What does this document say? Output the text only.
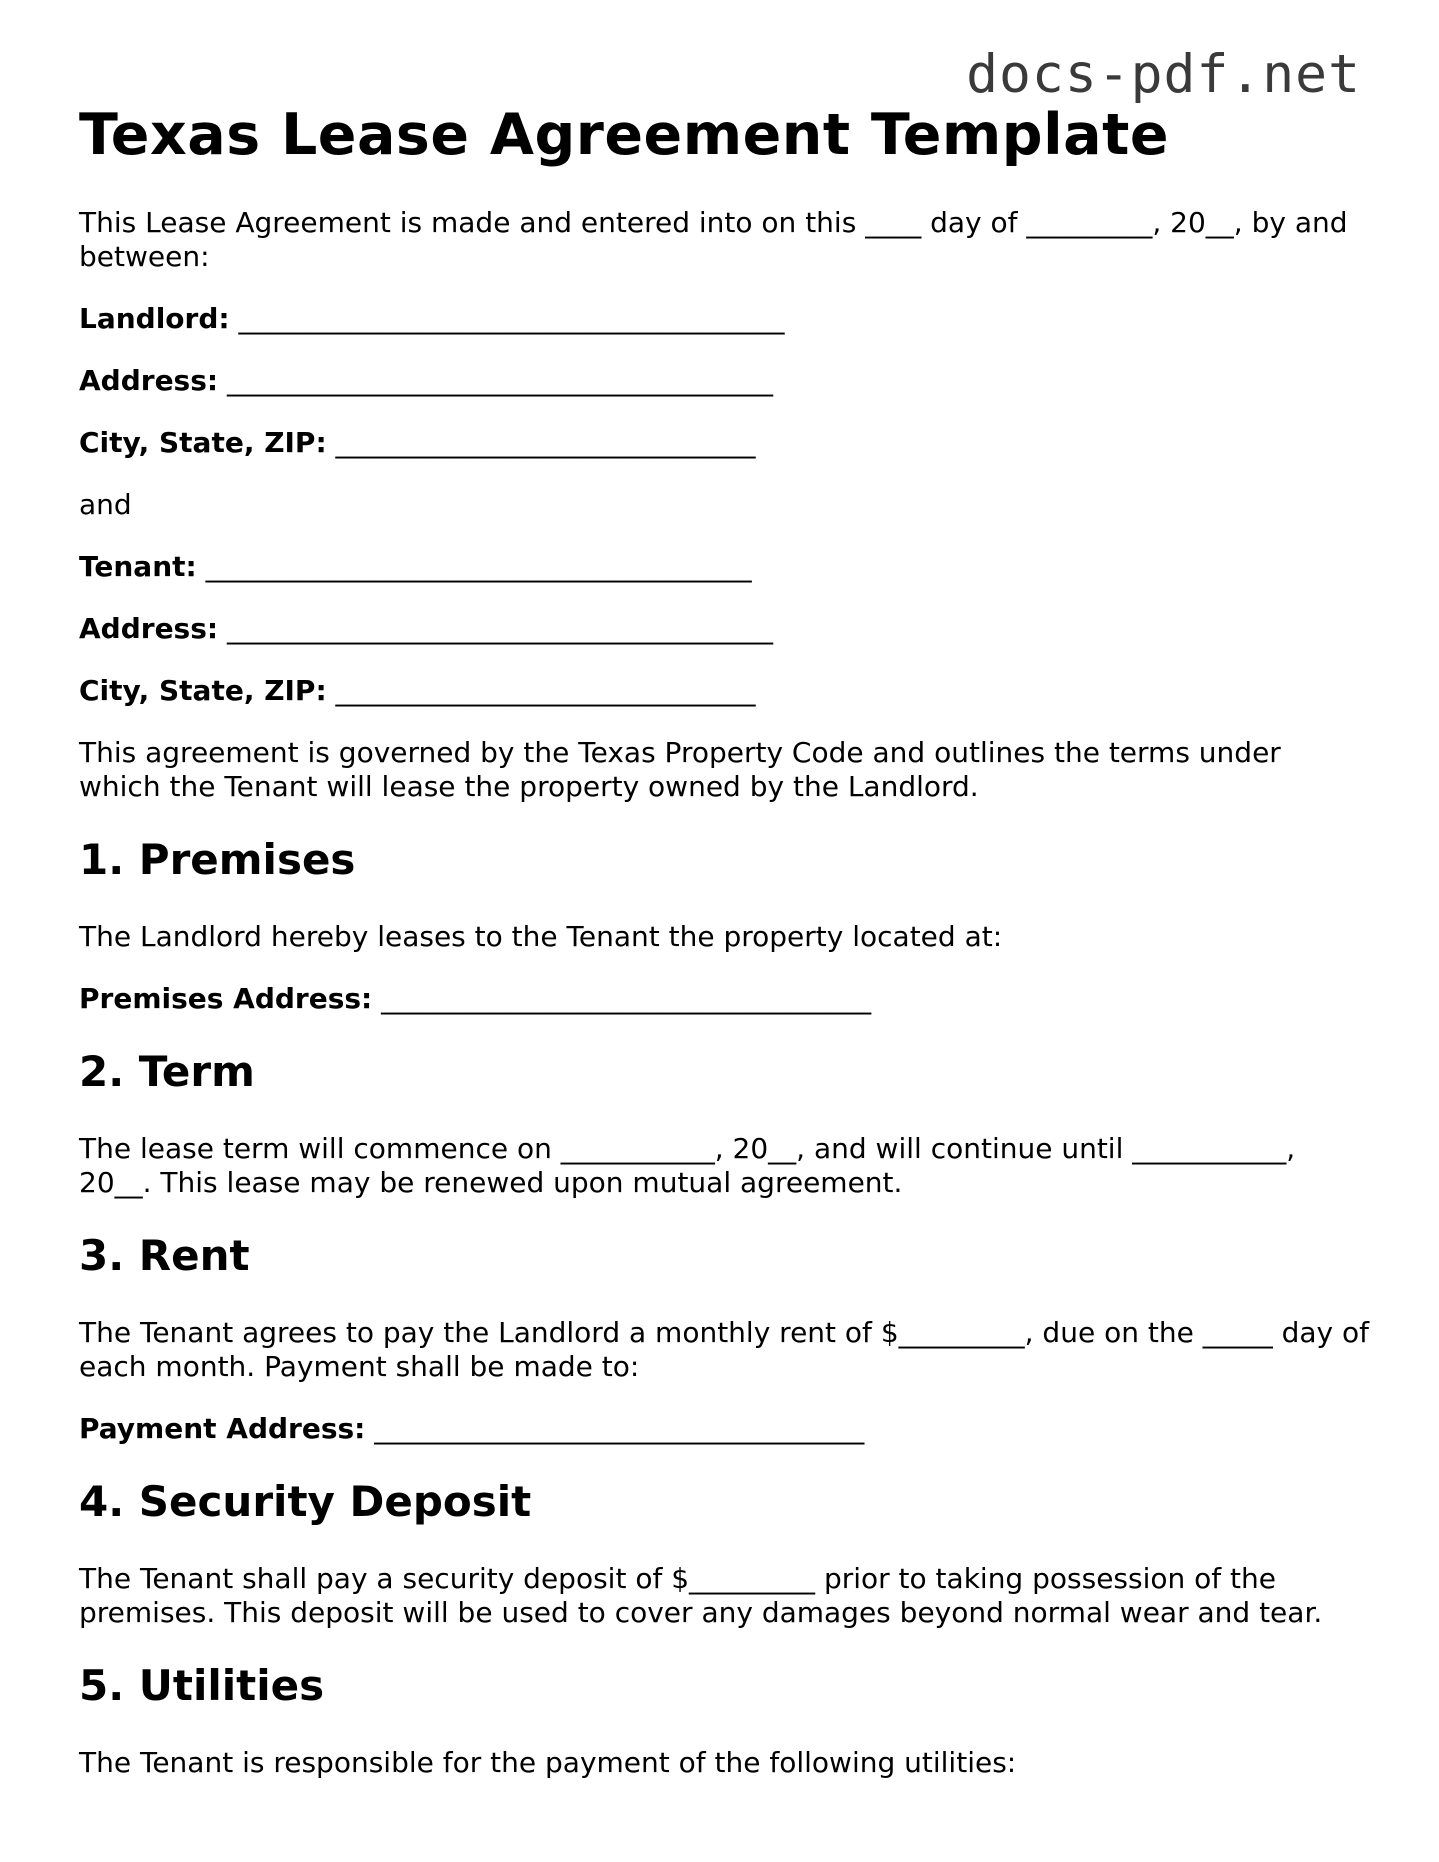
docs-pdf.net
Texas Lease Agreement Template

This Lease Agreement is made and entered into on this ____ day of _________, 20__, by and between:

Landlord: _______________________________________

Address: _______________________________________

City, State, ZIP: ______________________________

and

Tenant: _______________________________________

Address: _______________________________________

City, State, ZIP: ______________________________

This agreement is governed by the Texas Property Code and outlines the terms under which the Tenant will lease the property owned by the Landlord.

1. Premises

The Landlord hereby leases to the Tenant the property located at:

Premises Address: ___________________________________

2. Term

The lease term will commence on ___________, 20__, and will continue until ___________, 20__. This lease may be renewed upon mutual agreement.

3. Rent

The Tenant agrees to pay the Landlord a monthly rent of $_________, due on the _____ day of each month. Payment shall be made to:

Payment Address: ___________________________________

4. Security Deposit

The Tenant shall pay a security deposit of $_________ prior to taking possession of the premises. This deposit will be used to cover any damages beyond normal wear and tear.

5. Utilities

The Tenant is responsible for the payment of the following utilities:
